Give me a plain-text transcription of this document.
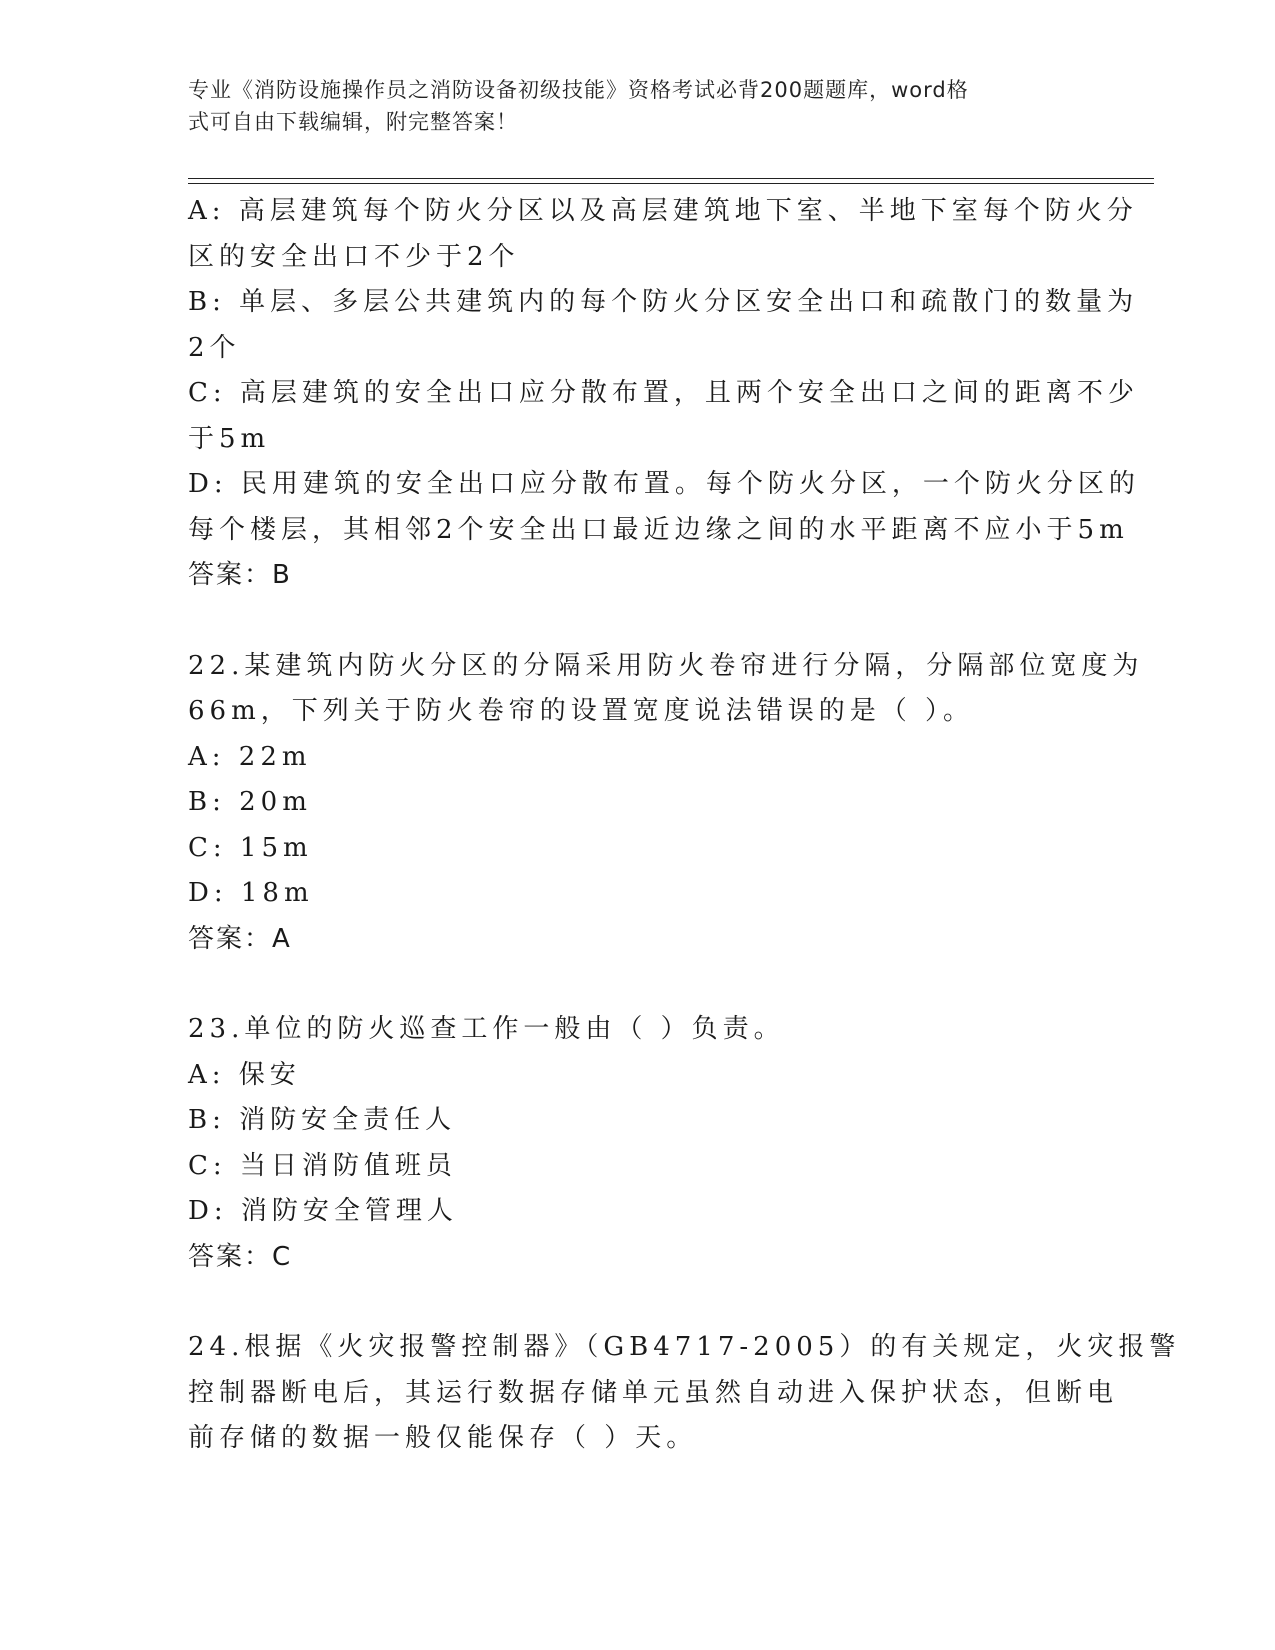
专业《消防设施操作员之消防设备初级技能》资格考试必背200题题库，word格
式可自由下载编辑，附完整答案！

A: 高层建筑每个防火分区以及高层建筑地下室、半地下室每个防火分

区的安全出口不少于2个

B: 单层、多层公共建筑内的每个防火分区安全出口和疏散门的数量为

2个

C: 高层建筑的安全出口应分散布置，且两个安全出口之间的距离不少

于5m

D: 民用建筑的安全出口应分散布置。每个防火分区，一个防火分区的

每个楼层，其相邻2个安全出口最近边缘之间的水平距离不应小于5m

答案：B

22.某建筑内防火分区的分隔采用防火卷帘进行分隔，分隔部位宽度为

66m，下列关于防火卷帘的设置宽度说法错误的是（ ）。

A: 22m

B: 20m

C: 15m

D: 18m

答案：A

23.单位的防火巡查工作一般由（ ）负责。

A: 保安

B: 消防安全责任人

C: 当日消防值班员

D: 消防安全管理人

答案：C

24.根据《火灾报警控制器》（GB4717-2005）的有关规定，火灾报警

控制器断电后，其运行数据存储单元虽然自动进入保护状态，但断电

前存储的数据一般仅能保存（ ）天。
